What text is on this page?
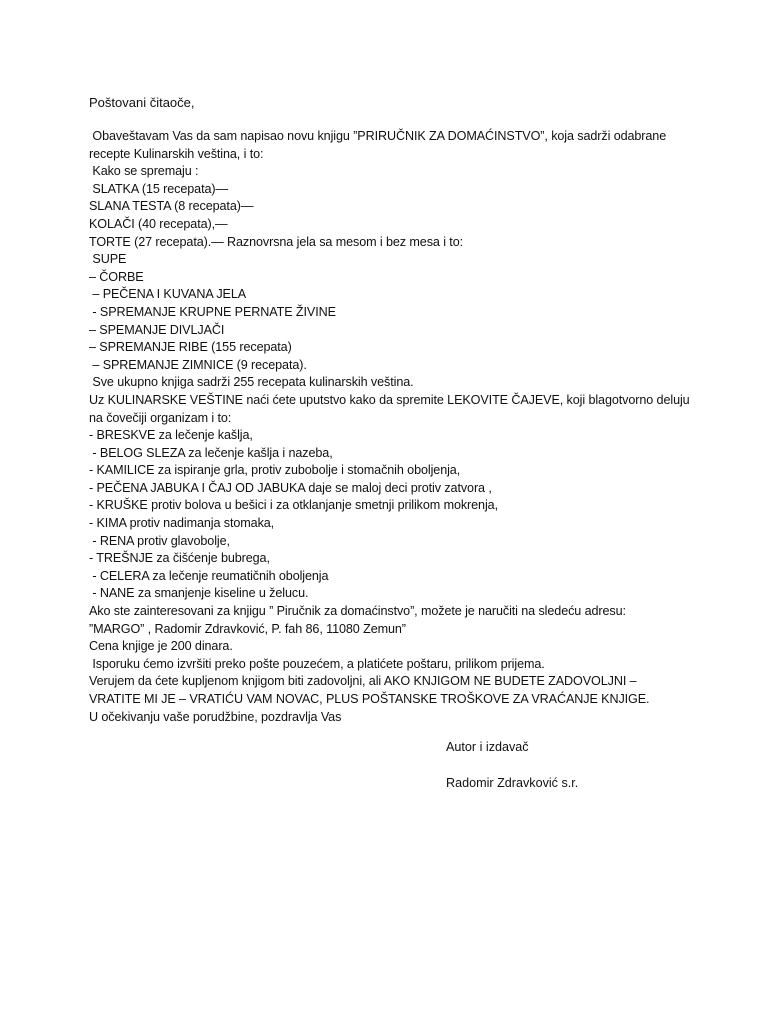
Poštovani čitaoče,
Obaveštavam Vas da sam napisao novu knjigu ”PRIRUČNIK ZA DOMAĆINSTVO”, koja sadrži odabrane
recepte Kulinarskih veština, i to:
Kako se spremaju :
SLATKA (15 recepata)—
SLANA TESTA (8 recepata)—
KOLAČI (40 recepata),—
TORTE (27 recepata).— Raznovrsna jela sa mesom i bez mesa i to:
SUPE
– ČORBE
– PEČENA I KUVANA JELA
- SPREMANJE KRUPNE PERNATE ŽIVINE
– SPEMANJE DIVLJAČI
– SPREMANJE RIBE (155 recepata)
– SPREMANJE ZIMNICE (9 recepata).
Sve ukupno knjiga sadrži 255 recepata kulinarskih veština.
Uz KULINARSKE VEŠTINE naći ćete uputstvo kako da spremite LEKOVITE ČAJEVE, koji blagotvorno deluju
na čovečiji organizam i to:
- BRESKVE za lečenje kašlja,
- BELOG SLEZA za lečenje kašlja i nazeba,
- KAMILICE za ispiranje grla, protiv zubobolje i stomačnih oboljenja,
- PEČENA JABUKA I ČAJ OD JABUKA daje se maloj deci protiv zatvora ,
- KRUŠKE protiv bolova u bešici i za otklanjanje smetnji prilikom mokrenja,
- KIMA protiv nadimanja stomaka,
- RENA protiv glavobolje,
- TREŠNJE za čišćenje bubrega,
- CELERA za lečenje reumatičnih oboljenja
- NANE za smanjenje kiseline u želucu.
Ako ste zainteresovani za knjigu ” Piručnik za domaćinstvo”, možete je naručiti na sledeću adresu:
”MARGO” , Radomir Zdravković, P. fah 86, 11080 Zemun”
Cena knjige je 200 dinara.
Isporuku ćemo izvršiti preko pošte pouzećem, a platićete poštaru, prilikom prijema.
Verujem da ćete kupljenom knjigom biti zadovoljni, ali AKO KNJIGOM NE BUDETE ZADOVOLJNI –
VRATITE MI JE – VRATIĆU VAM NOVAC, PLUS POŠTANSKE TROŠKOVE ZA VRAĆANJE KNJIGE.
U očekivanju vaše porudžbine, pozdravlja Vas
Autor i izdavač
Radomir Zdravković s.r.
